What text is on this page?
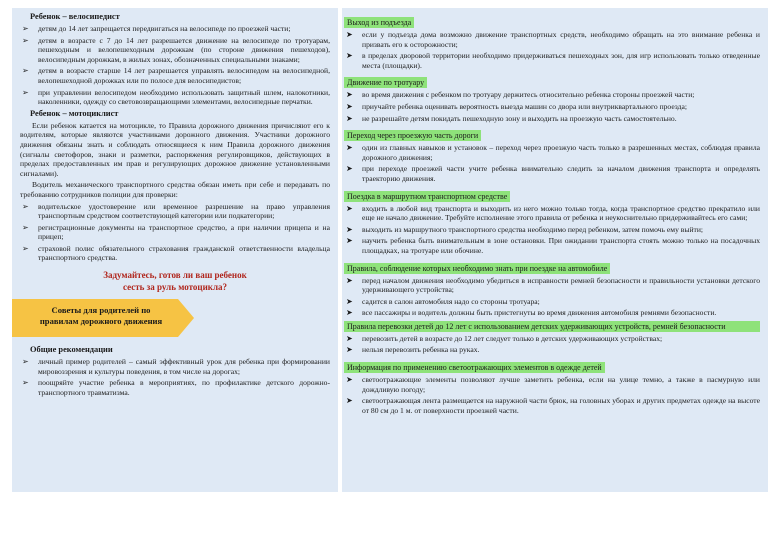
Ребенок – велосипедист
➢ детям до 14 лет запрещается передвигаться на велосипеде по проезжей части;
➢ детям в возрасте с 7 до 14 лет разрешается движение на велосипеде по тротуарам, пешеходным и велопешеходным дорожкам (по стороне движения пешеходов), велосипедным дорожкам, в жилых зонах, обозначенных специальными знаками;
➢ детям в возрасте старше 14 лет разрешается управлять велосипедом на велосипедной, велопешеходной дорожках или по полосе для велосипедистов;
➢ при управлении велосипедом необходимо использовать защитный шлем, налокотники, наколенники, одежду со световозвращающими элементами, велосипедные перчатки.
Ребенок – мотоциклист

Если ребенок катается на мотоцикле, то Правила дорожного движения причисляют его к водителям, которые являются участниками дорожного движения. Участники дорожного движения обязаны знать и соблюдать относящиеся к ним Правила дорожного движения (сигналы светофоров, знаки и разметки, распоряжения регулировщиков, действующих в пределах предоставленных им прав и регулирующих дорожное движение установленными сигналами).

Водитель механического транспортного средства обязан иметь при себе и передавать по требованию сотрудников полиции для проверки:

➢ водительское удостоверение или временное разрешение на право управления транспортным средством соответствующей категории или подкатегории;
➢ регистрационные документы на транспортное средство, а при наличии прицепа и на прицеп;
➢ страховой полис обязательного страхования гражданской ответственности владельца транспортного средства.
Задумайтесь, готов ли ваш ребенок
сесть за руль мотоцикла?
Советы для родителей по
правилам дорожного движения
Общие рекомендации
➢ личный пример родителей – самый эффективный урок для ребенка при формировании мировоззрения и культуры поведения, в том числе на дорогах;
➢ поощряйте участие ребенка в мероприятиях, по профилактике детского дорожно-транспортного травматизма.
Выход из подъезда
➤ если у подъезда дома возможно движение транспортных средств, необходимо обращать на это внимание ребенка и призвать его к осторожности;
➤ в пределах дворовой территории необходимо придерживаться пешеходных зон, для игр использовать только отведенные места (площадки).
Движение по тротуару
➤ во время движения с ребенком по тротуару держитесь относительно ребенка стороны проезжей части;
➤ приучайте ребенка оценивать вероятность выезда машин со двора или внутриквартального проезда;
➤ не разрешайте детям покидать пешеходную зону и выходить на проезжую часть самостоятельно.
Переход через проезжую часть дороги
➤ один из главных навыков и установок – переход через проезжую часть только в разрешенных местах, соблюдая правила дорожного движения;
➤ при переходе проезжей части учите ребенка внимательно следить за началом движения транспорта и определять траекторию движения.
Поездка в маршрутном транспортном средстве
➤ входить в любой вид транспорта и выходить из него можно только тогда, когда транспортное средство прекратило или еще не начало движение. Требуйте исполнение этого правила от ребенка и неукоснительно придерживайтесь его сами;
➤ выходить из маршрутного транспортного средства необходимо перед ребенком, затем помочь ему выйти;
➤ научить ребенка быть внимательным в зоне остановки. При ожидании транспорта стоять можно только на посадочных площадках, на тротуаре или обочине.
Правила, соблюдение которых необходимо знать при поездке на автомобиле
➤ перед началом движения необходимо убедиться в исправности ремней безопасности и правильности установки детского удерживающего устройства;
➤ садится в салон автомобиля надо со стороны тротуара;
➤ все пассажиры и водитель должны быть пристегнуты во время движения автомобиля ремнями безопасности.
Правила перевозки детей до 12 лет с использованием детских удерживающих устройств, ремней безопасности
➤ перевозить детей в возрасте до 12 лет следует только в детских удерживающих устройствах;
➤ нельзя перевозить ребенка на руках.
Информация по применению светоотражающих элементов в одежде детей
➤ светоотражающие элементы позволяют лучше заметить ребенка, если на улице темно, а также в пасмурную или дождливую погоду;
➤ светоотражающая лента размещается на наружной части брюк, на головных уборах и других предметах одежде на высоте от 80 см до 1 м. от поверхности проезжей части.
